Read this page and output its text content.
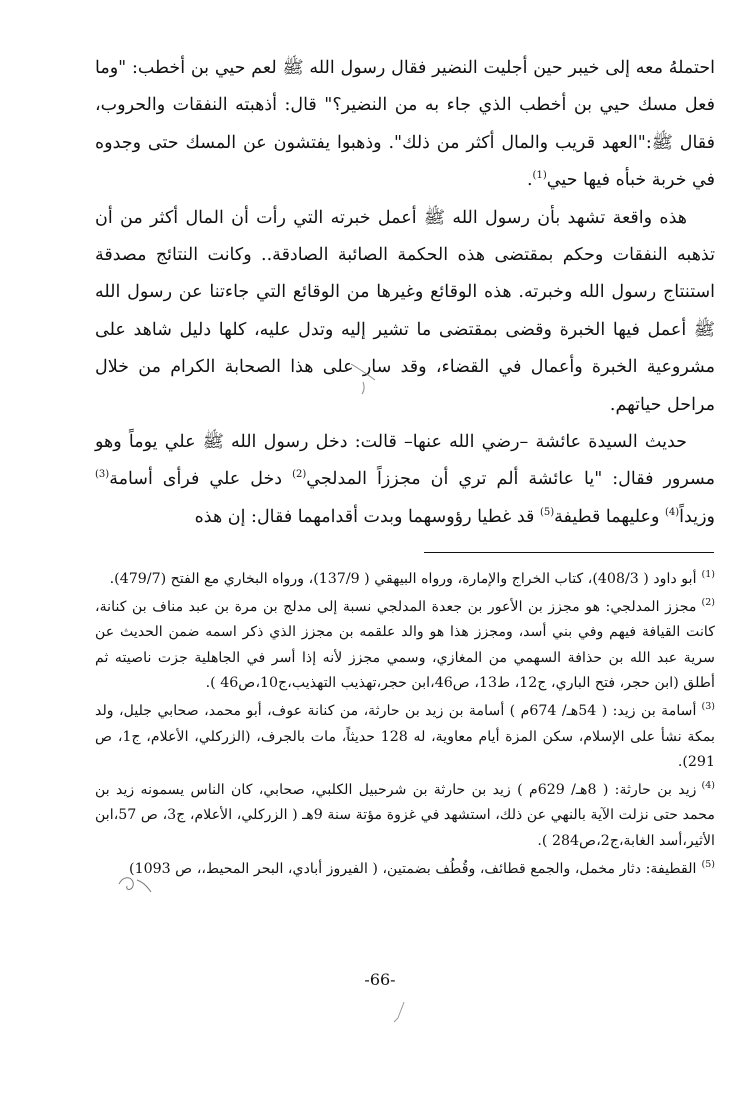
احتملهُ معه إلى خيبر حين أجليت النضير فقال رسول الله ﷺ لعم حيي بن أخطب: "وما فعل مسك حيي بن أخطب الذي جاء به من النضير؟" قال: أذهبته النفقات والحروب، فقال ﷺ:"العهد قريب والمال أكثر من ذلك". وذهبوا يفتشون عن المسك حتى وجدوه في خربة خبأه فيها حيي$^{(1)}$.

هذه واقعة تشهد بأن رسول الله ﷺ أعمل خبرته التي رأت أن المال أكثر من أن تذهبه النفقات وحكم بمقتضى هذه الحكمة الصائبة الصادقة.. وكانت النتائج مصدقة استنتاج رسول الله وخبرته. هذه الوقائع وغيرها من الوقائع التي جاءتنا عن رسول الله ﷺ أعمل فيها الخبرة وقضى بمقتضى ما تشير إليه وتدل عليه، كلها دليل شاهد على مشروعية الخبرة وأعمال في القضاء، وقد سار على هذا الصحابة الكرام من خلال مراحل حياتهم.

حديث السيدة عائشة –رضي الله عنها– قالت: دخل رسول الله ﷺ علي يوماً وهو مسرور فقال: "يا عائشة ألم تري أن مجززاً المدلجي$^{(2)}$ دخل علي فرأى أسامة$^{(3)}$ وزيداً$^{(4)}$ وعليهما قطيفة$^{(5)}$ قد غطيا رؤوسهما وبدت أقدامهما فقال: إن هذه

$^{(1)}$أبو داود ( 408/3)، كتاب الخراج والإمارة، ورواه البيهقي ( 137/9)، ورواه البخاري مع الفتح (479/7).

$^{(2)}$مجزز المدلجي: هو مجزز بن الأعور بن جعدة المدلجي نسبة إلى مدلج بن مرة بن عبد مناف بن كنانة، كانت القيافة فيهم وفي بني أسد، ومجزز هذا هو والد علقمه بن مجزز الذي ذكر اسمه ضمن الحديث عن سرية عبد الله بن حذافة السهمي من المغازي، وسمي مجزز لأنه إذا أسر في الجاهلية جزت ناصيته ثم أطلق (ابن حجر، فتح الباري، ج12، ط13، ص46،ابن حجر،تهذيب التهذيب،ج10،ص46 ).

$^{(3)}$أسامة بن زيد: ( 54هـ/ 674م ) أسامة بن زيد بن حارثة، من كنانة عوف، أبو محمد، صحابي جليل، ولد بمكة نشأ على الإسلام، سكن المزة أيام معاوية، له 128 حديثاً، مات بالجرف، (الزركلي، الأعلام، ج1، ص 291).

$^{(4)}$زيد بن حارثة: ( 8هـ/ 629م ) زيد بن حارثة بن شرحبيل الكلبي، صحابي، كان الناس يسمونه زيد بن محمد حتى نزلت الآية بالنهي عن ذلك، استشهد في غزوة مؤتة سنة 9هـ ( الزركلي، الأعلام، ج3، ص 57،ابن الأثير،أسد الغابة،ج2،ص284 ).

$^{(5)}$القطيفة: دثار مخمل، والجمع قطائف، وقُطُف بضمتين، ( الفيروز أبادي، البحر المحيط،، ص 1093)

-66-
